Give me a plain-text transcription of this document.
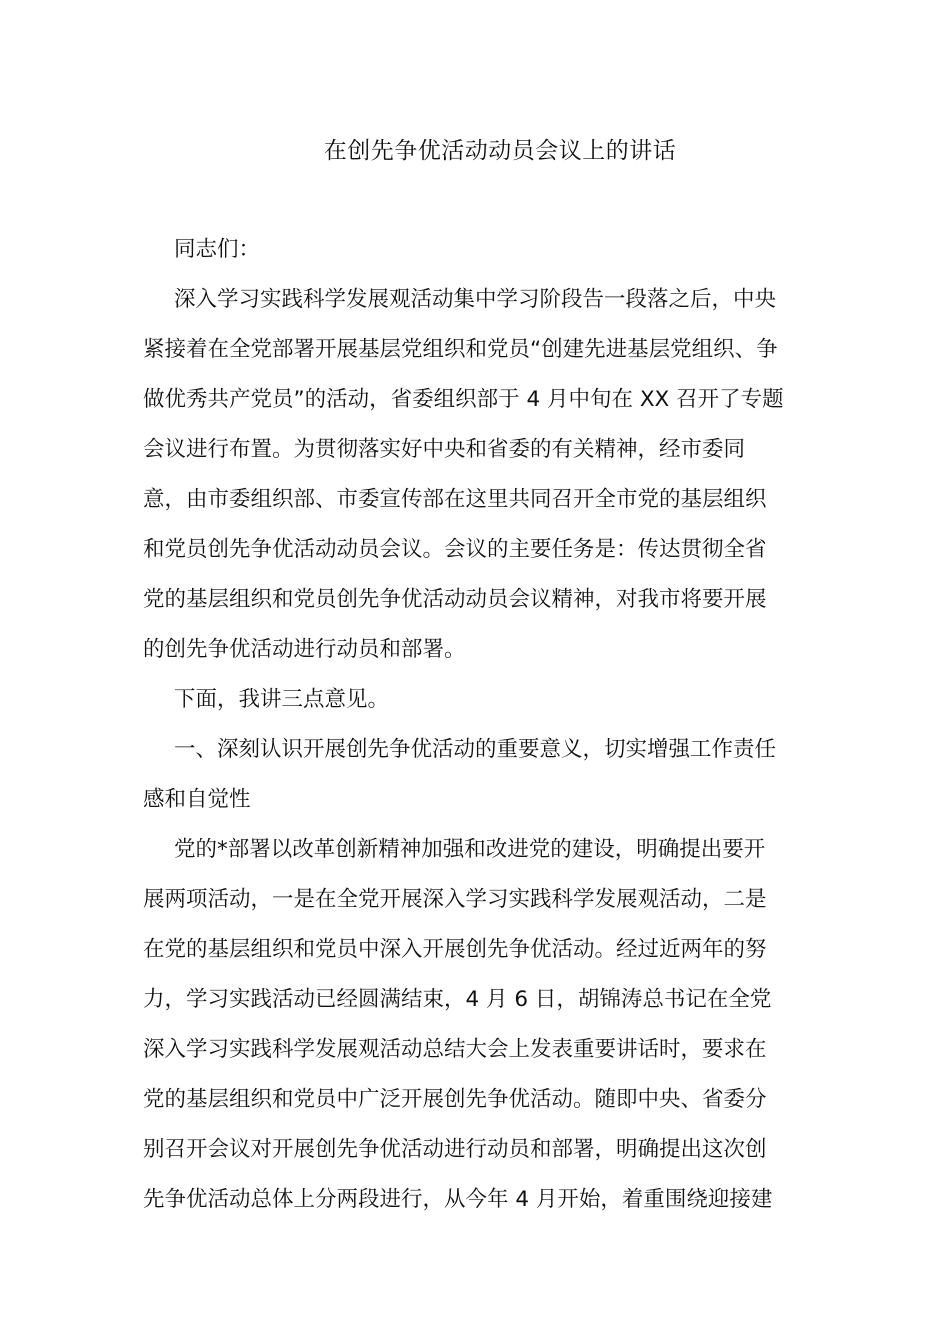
在创先争优活动动员会议上的讲话
同志们：
深入学习实践科学发展观活动集中学习阶段告一段落之后，中央
紧接着在全党部署开展基层党组织和党员“创建先进基层党组织、争
做优秀共产党员”的活动，省委组织部于 4 月中旬在 XX 召开了专题
会议进行布置。为贯彻落实好中央和省委的有关精神，经市委同
意，由市委组织部、市委宣传部在这里共同召开全市党的基层组织
和党员创先争优活动动员会议。会议的主要任务是：传达贯彻全省
党的基层组织和党员创先争优活动动员会议精神，对我市将要开展
的创先争优活动进行动员和部署。
下面，我讲三点意见。
一、深刻认识开展创先争优活动的重要意义，切实增强工作责任
感和自觉性
党的*部署以改革创新精神加强和改进党的建设，明确提出要开
展两项活动，一是在全党开展深入学习实践科学发展观活动，二是
在党的基层组织和党员中深入开展创先争优活动。经过近两年的努
力，学习实践活动已经圆满结束，4 月 6 日，胡锦涛总书记在全党
深入学习实践科学发展观活动总结大会上发表重要讲话时，要求在
党的基层组织和党员中广泛开展创先争优活动。随即中央、省委分
别召开会议对开展创先争优活动进行动员和部署，明确提出这次创
先争优活动总体上分两段进行，从今年 4 月开始，着重围绕迎接建
